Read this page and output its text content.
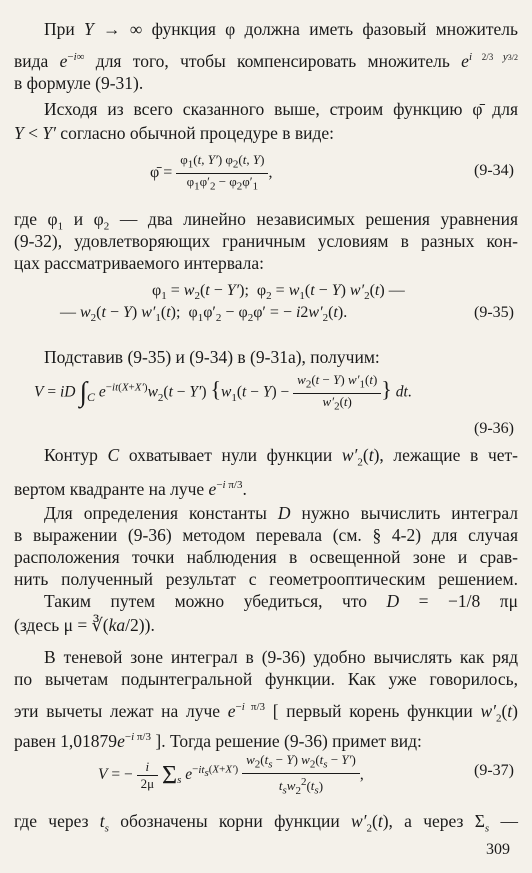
При Y → ∞ функция φ должна иметь фазовый множитель
вида $e^{-i\infty}$ для того, чтобы компенсировать множитель $e^{i 2/3 y3/2}$
в формуле (9-31).
Исходя из всего сказанного выше, строим функцию φ̄ для
Y < Y′ согласно обычной процедуре в виде:
φ̄ = $\frac{\varphi_1(t, Y') \varphi_2(t, Y)}{\varphi_1\varphi'_2 - \varphi_2\varphi'_1}$ ,	(9-34)
где $\varphi_1$ и $\varphi_2$ — два линейно независимых решения уравнения
(9-32), удовлетворяющих граничным условиям в разных кон-
цах рассматриваемого интервала:
$\varphi_1 = w_2(t - Y')$;  $\varphi_2 = w_1(t - Y)$ $w'_2(t)$ —
— $w_2(t - Y)$ $w'_1(t)$;  $\varphi_1\varphi'_2 - \varphi_2\varphi'$ = − $i2w'_2(t)$.	(9-35)
Подставив (9-35) и (9-34) в (9-31а), получим:
V = iD $\int_C$ $e^{-it(X+X')}w_2(t - Y') \{w_1(t - Y) - \frac{w_2(t - Y) w'_1(t)}{w'_2(t)}$ } dt.
(9-36)
Контур C охватывает нули функции $w'_2(t)$, лежащие в чет-
вертом квадранте на луче $e^{-i \pi/3}$.
Для определения константы D нужно вычислить интеграл
в выражении (9-36) методом перевала (см. § 4-2) для случая
расположения точки наблюдения в освещенной зоне и срав-
нить полученный результат с геометрооптическим решением.
Таким путем можно убедиться, что D = −1/8 πμ
(здесь μ = ∛(ka/2)).
В теневой зоне интеграл в (9-36) удобно вычислять как ряд
по вычетам подынтегральной функции. Как уже говорилось,
эти вычеты лежат на луче $e^{-i \pi/3}$ [ первый корень функции $w'_2(t)$
равен $1,01879e^{-i \pi/3}$ ]. Тогда решение (9-36) примет вид:
V = − $\frac{i}{2\mu} \Sigma_s$ $e^{-it_s(X+X')} \frac{w_2(t_s - Y) w_2(t_s - Y')}{t_sw_2^2(t_s)}$ ,	(9-37)
где через $t_s$ обозначены корни функции $w'_2(t)$, а через $\Sigma_s$ —
309
